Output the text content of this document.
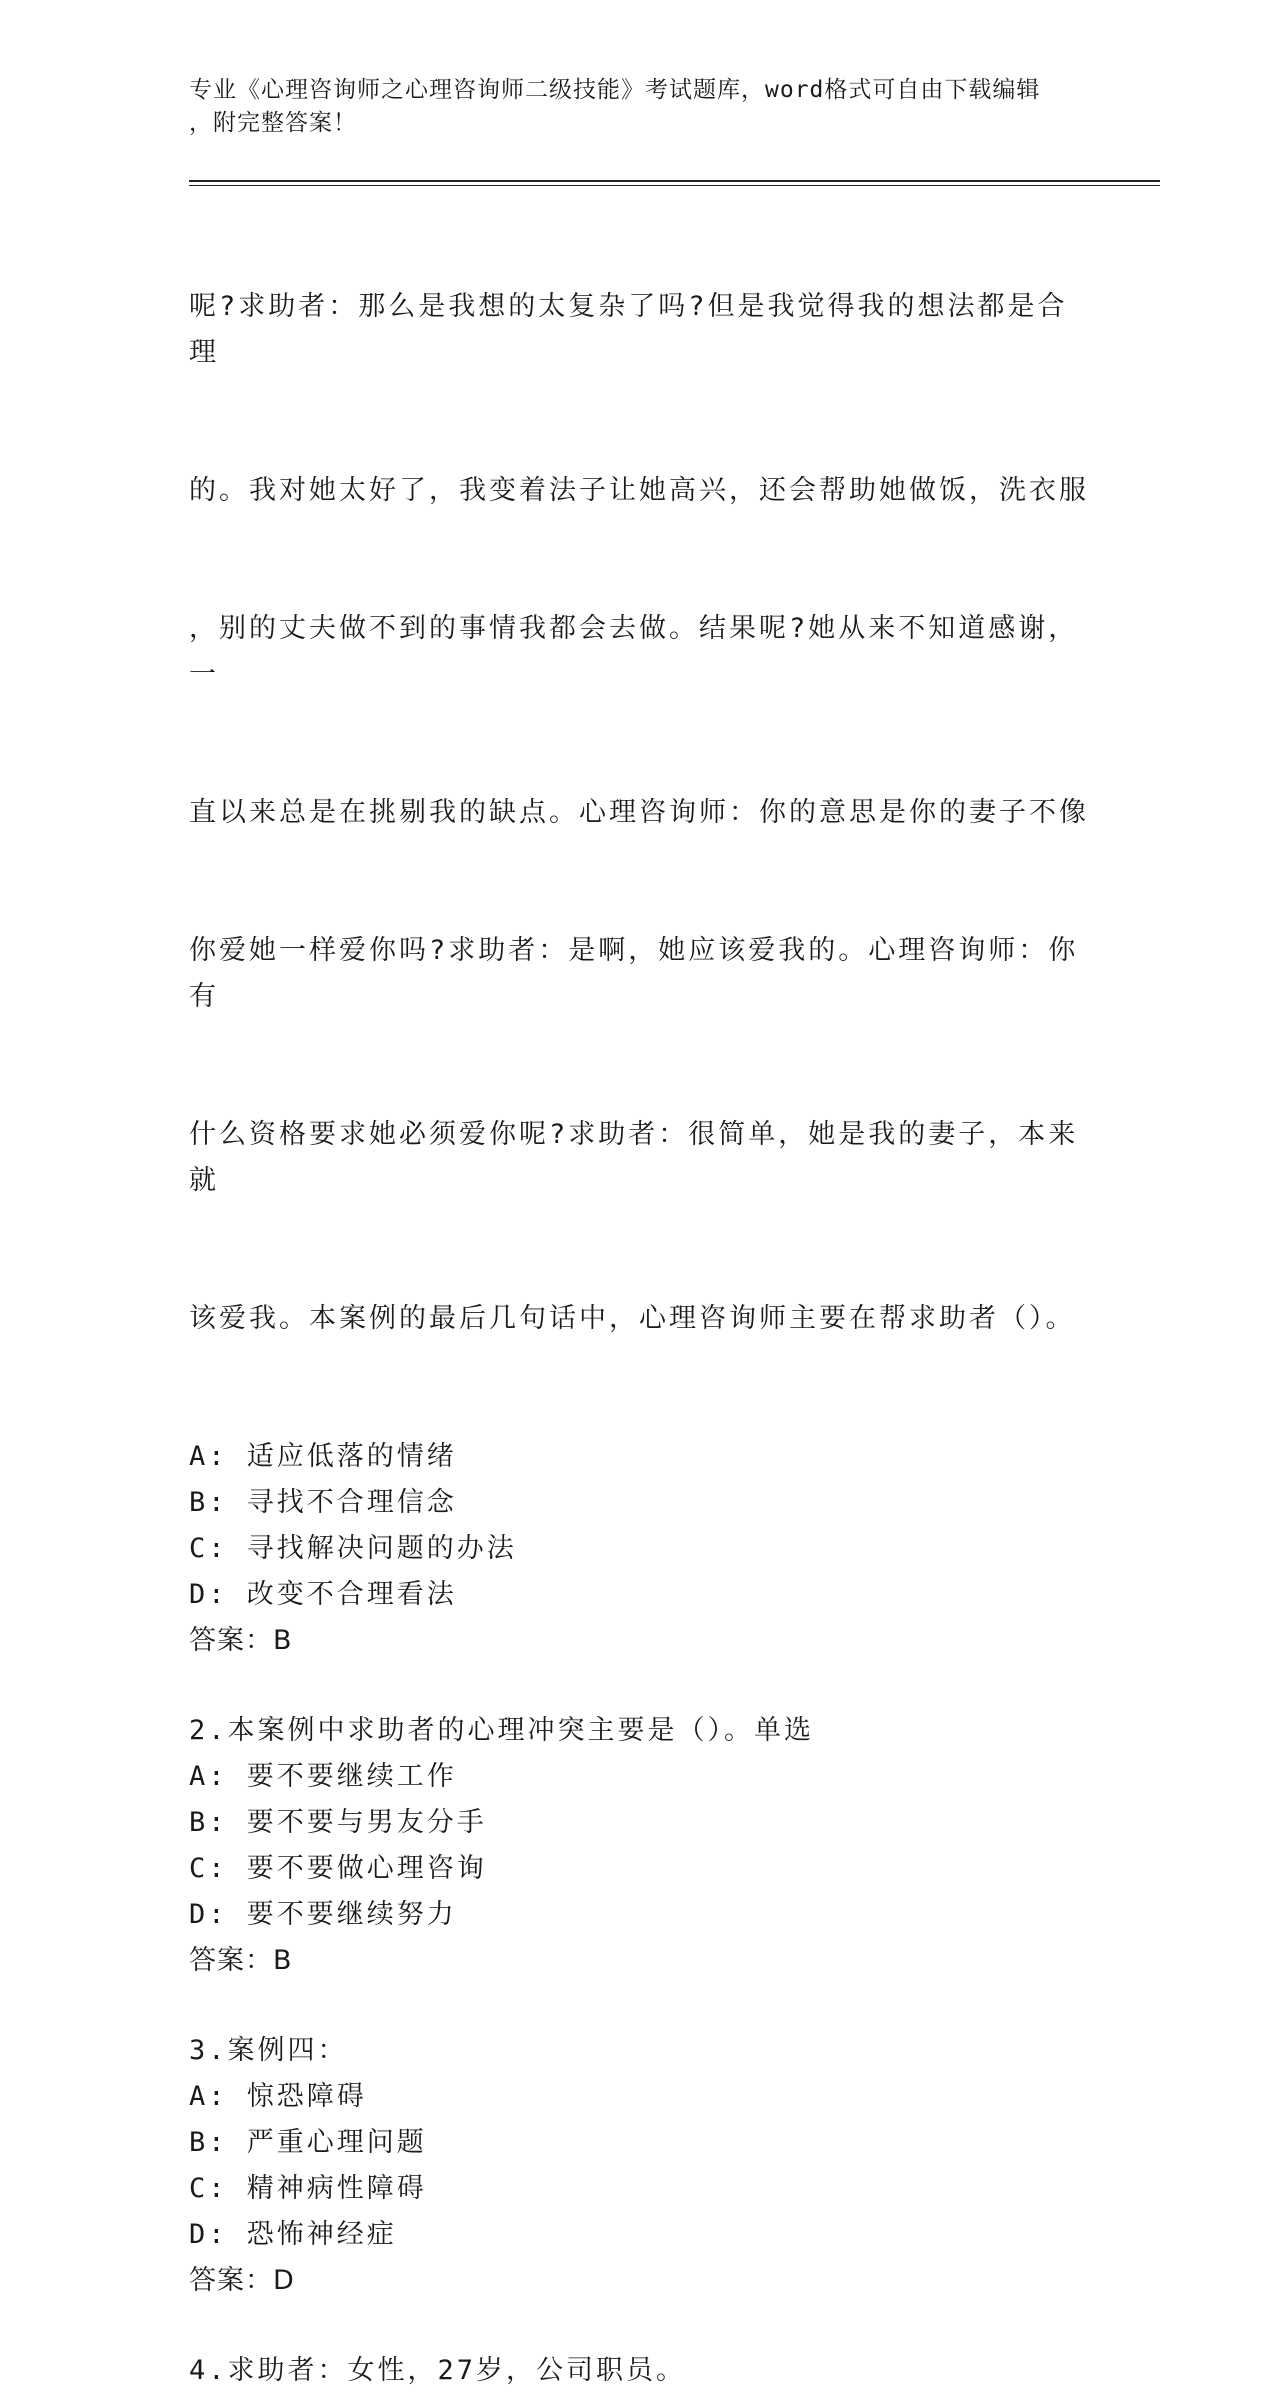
专业《心理咨询师之心理咨询师二级技能》考试题库，word格式可自由下载编辑
，附完整答案！

呢?求助者：那么是我想的太复杂了吗?但是我觉得我的想法都是合理

的。我对她太好了，我变着法子让她高兴，还会帮助她做饭，洗衣服

，别的丈夫做不到的事情我都会去做。结果呢?她从来不知道感谢，一

直以来总是在挑剔我的缺点。心理咨询师：你的意思是你的妻子不像

你爱她一样爱你吗?求助者：是啊，她应该爱我的。心理咨询师：你有

什么资格要求她必须爱你呢?求助者：很简单，她是我的妻子，本来就

该爱我。本案例的最后几句话中，心理咨询师主要在帮求助者（）。

A: 适应低落的情绪
B: 寻找不合理信念
C: 寻找解决问题的办法
D: 改变不合理看法
答案：B
2.本案例中求助者的心理冲突主要是（）。单选
A: 要不要继续工作
B: 要不要与男友分手
C: 要不要做心理咨询
D: 要不要继续努力
答案：B
3.案例四：
A: 惊恐障碍
B: 严重心理问题
C: 精神病性障碍
D: 恐怖神经症
答案：D
4.求助者：女性，27岁，公司职员。
